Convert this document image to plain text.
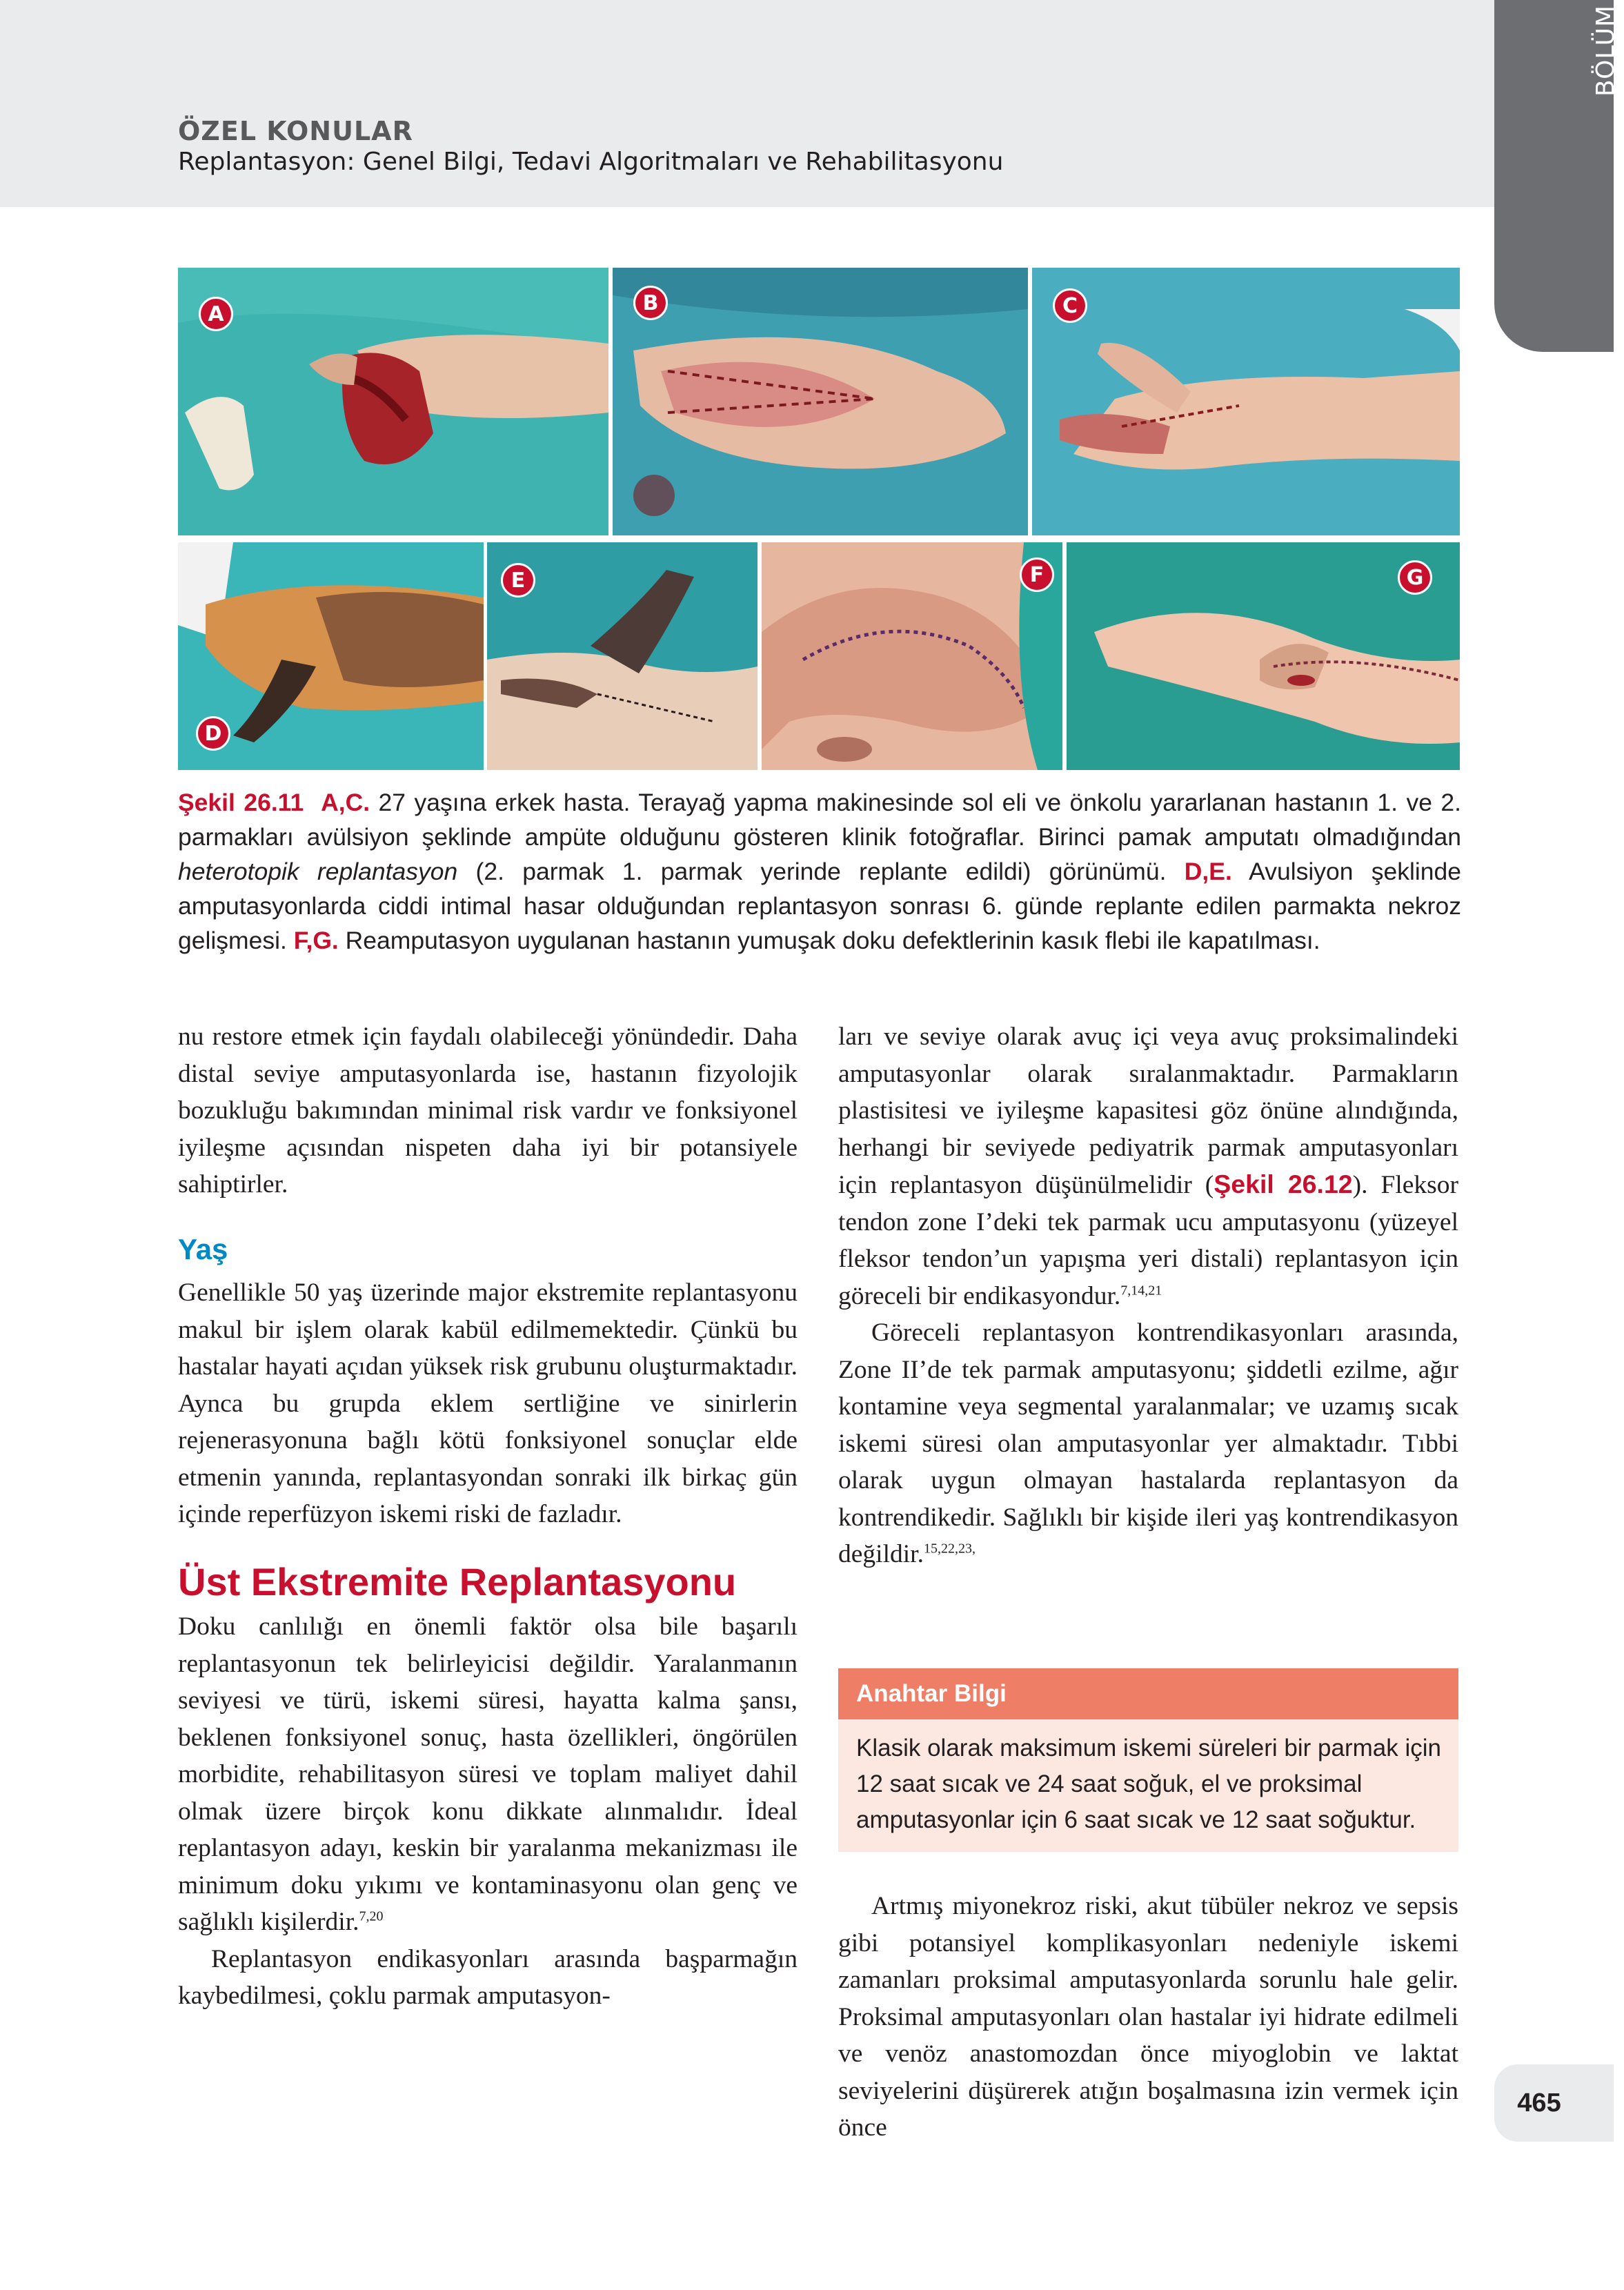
ÖZEL KONULAR
Replantasyon: Genel Bilgi, Tedavi Algoritmaları ve Rehabilitasyonu
BÖLÜM
A	B	C
D
E	F	G
Şekil 26.11 A,C. 27 yaşına erkek hasta. Terayağ yapma makinesinde sol eli ve önkolu yararlanan hastanın 1. ve 2. parmakları avülsiyon şeklinde ampüte olduğunu gösteren klinik fotoğraflar. Birinci pamak amputatı olmadığından heterotopik replantasyon (2. parmak 1. parmak yerinde replante edildi) görünümü. D,E. Avulsiyon şeklinde amputasyonlarda ciddi intimal hasar olduğundan replantasyon sonrası 6. günde replante edilen parmakta nekroz gelişmesi. F,G. Reamputasyon uygulanan hastanın yumuşak doku defektlerinin kasık flebi ile kapatılması.

nu restore etmek için faydalı olabileceği yönündedir. Daha distal seviye amputasyonlarda ise, hastanın fizyolojik bozukluğu bakımından minimal risk vardır ve fonksiyonel iyileşme açısından nispeten daha iyi bir potansiyele sahiptirler.

Yaş

Genellikle 50 yaş üzerinde major ekstremite replantasyonu makul bir işlem olarak kabül edilmemektedir. Çünkü bu hastalar hayati açıdan yüksek risk grubunu oluşturmaktadır. Aynca bu grupda eklem sertliğine ve sinirlerin rejenerasyonuna bağlı kötü fonksiyonel sonuçlar elde etmenin yanında, replantasyondan sonraki ilk birkaç gün içinde reperfüzyon iskemi riski de fazladır.

Üst Ekstremite Replantasyonu

Doku canlılığı en önemli faktör olsa bile başarılı replantasyonun tek belirleyicisi değildir. Yaralanmanın seviyesi ve türü, iskemi süresi, hayatta kalma şansı, beklenen fonksiyonel sonuç, hasta özellikleri, öngörülen morbidite, rehabilitasyon süresi ve toplam maliyet dahil olmak üzere birçok konu dikkate alınmalıdır. İdeal replantasyon adayı, keskin bir yaralanma mekanizması ile minimum doku yıkımı ve kontaminasyonu olan genç ve sağlıklı kişilerdir.$^{7,20}$

Replantasyon endikasyonları arasında başparmağın kaybedilmesi, çoklu parmak amputasyon-

ları ve seviye olarak avuç içi veya avuç proksimalindeki amputasyonlar olarak sıralanmaktadır. Parmakların plastisitesi ve iyileşme kapasitesi göz önüne alındığında, herhangi bir seviyede pediyatrik parmak amputasyonları için replantasyon düşünülmelidir (Şekil 26.12). Fleksor tendon zone I’deki tek parmak ucu amputasyonu (yüzeyel fleksor tendon’un yapışma yeri distali) replantasyon için göreceli bir endikasyondur.$^{7,14,21}$

Göreceli replantasyon kontrendikasyonları arasında, Zone II’de tek parmak amputasyonu; şiddetli ezilme, ağır kontamine veya segmental yaralanmalar; ve uzamış sıcak iskemi süresi olan amputasyonlar yer almaktadır. Tıbbi olarak uygun olmayan hastalarda replantasyon da kontrendikedir. Sağlıklı bir kişide ileri yaş kontrendikasyon değildir.$^{15,22,23,}$

Anahtar Bilgi
Klasik olarak maksimum iskemi süreleri bir parmak için 12 saat sıcak ve 24 saat soğuk, el ve proksimal amputasyonlar için 6 saat sıcak ve 12 saat soğuktur.

Artmış miyonekroz riski, akut tübüler nekroz ve sepsis gibi potansiyel komplikasyonları nedeniyle iskemi zamanları proksimal amputasyonlarda sorunlu hale gelir. Proksimal amputasyonları olan hastalar iyi hidrate edilmeli ve venöz anastomozdan önce miyoglobin ve laktat seviyelerini düşürerek atığın boşalmasına izin vermek için önce

465
